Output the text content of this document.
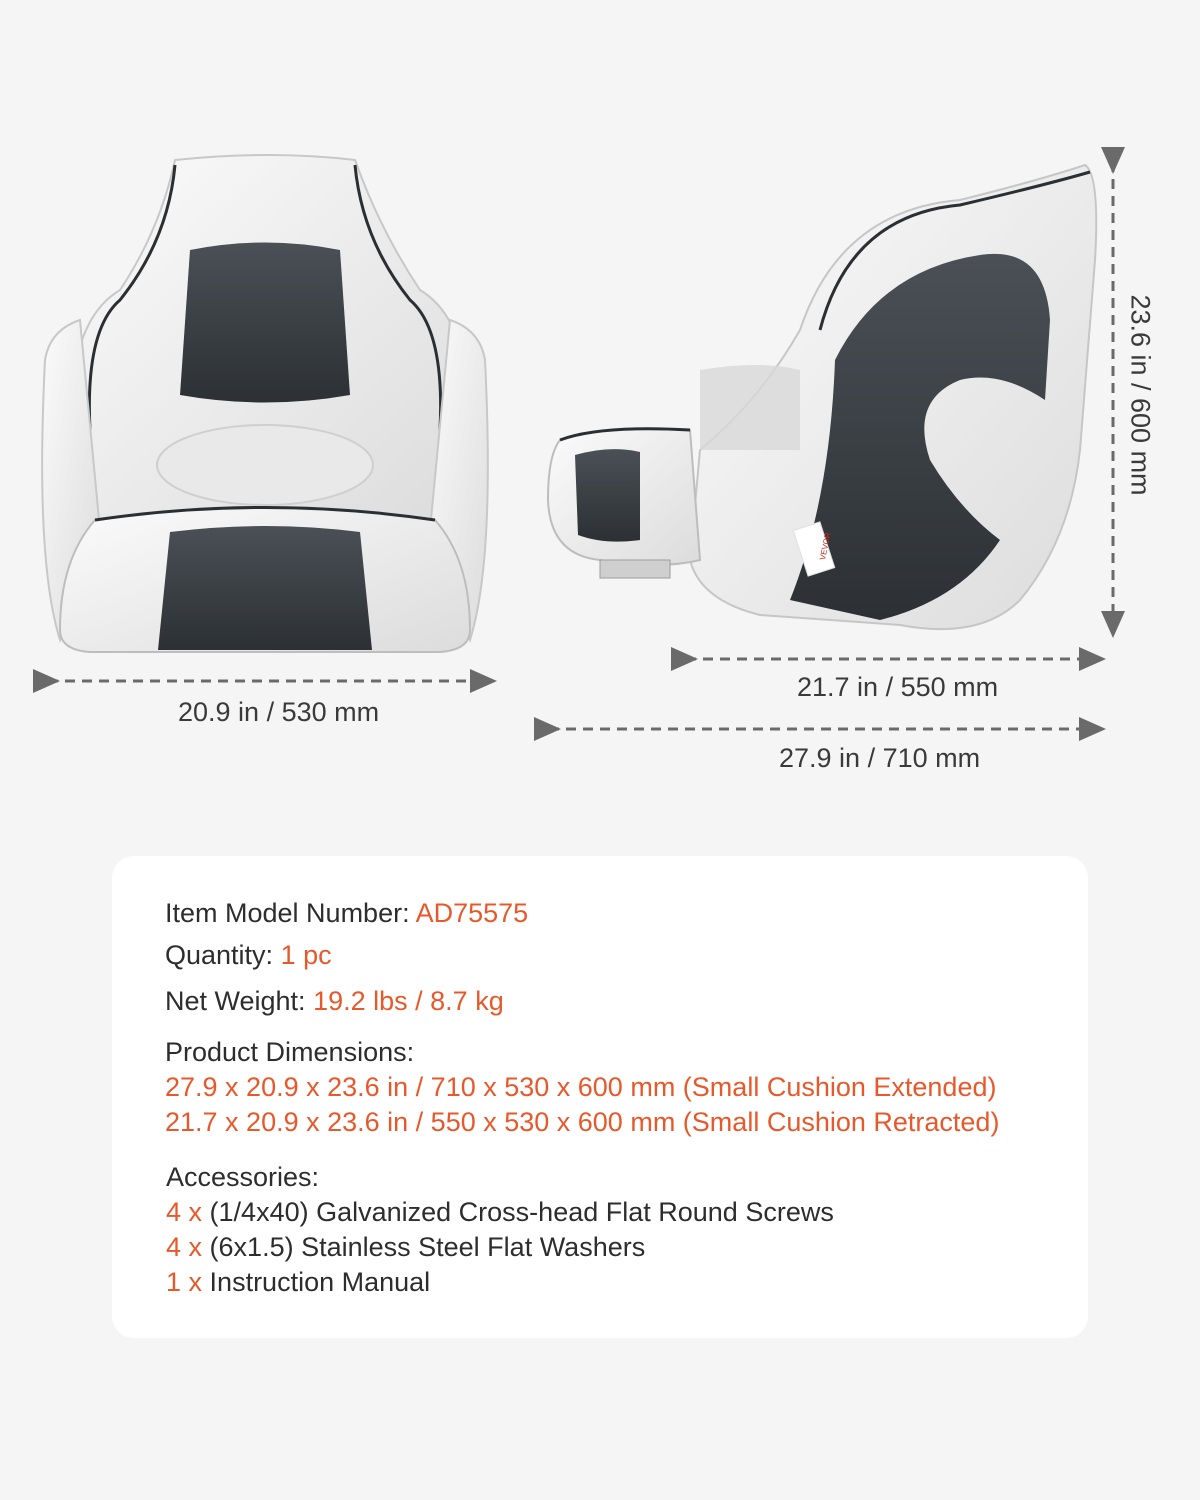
VEVOR
20.9 in / 530 mm
21.7 in / 550 mm
27.9 in / 710 mm
23.6 in / 600 mm
Item Model Number: AD75575
Quantity: 1 pc
Net Weight: 19.2 lbs / 8.7 kg
Product Dimensions:
27.9 x 20.9 x 23.6 in / 710 x 530 x 600 mm (Small Cushion Extended)
21.7 x 20.9 x 23.6 in / 550 x 530 x 600 mm (Small Cushion Retracted)
Accessories:
4 x (1/4x40) Galvanized Cross-head Flat Round Screws
4 x (6x1.5) Stainless Steel Flat Washers
1 x Instruction Manual
